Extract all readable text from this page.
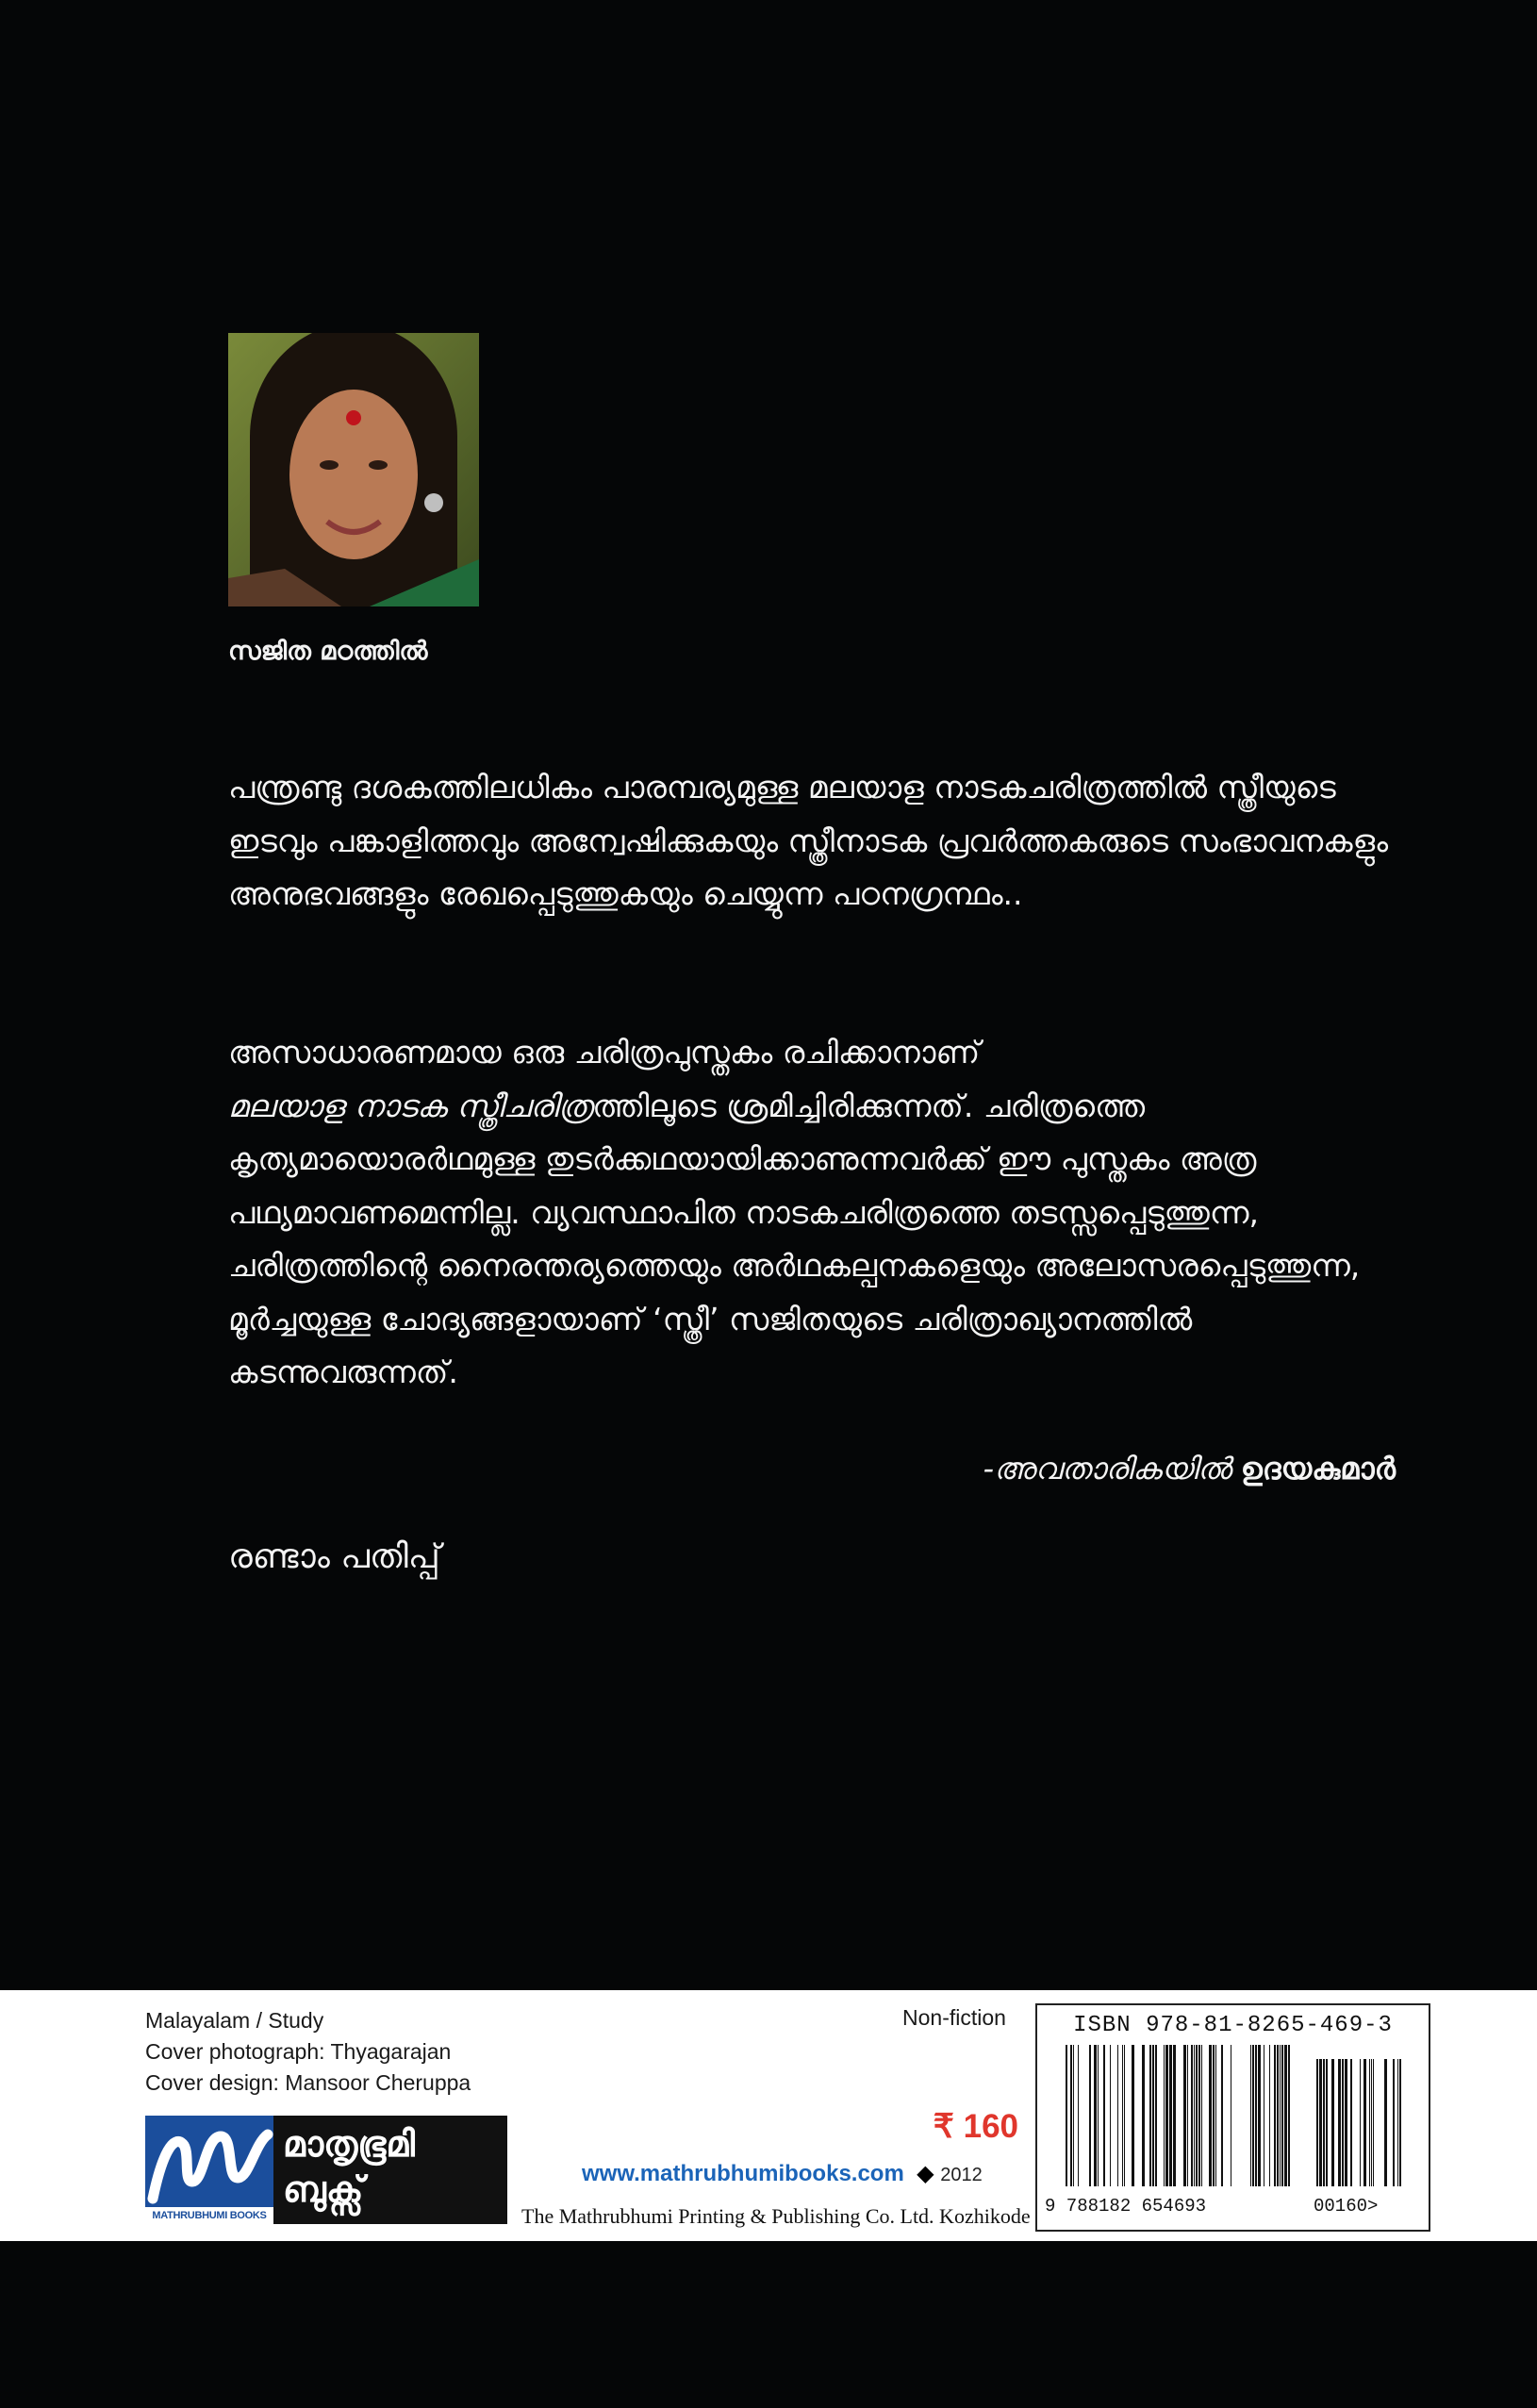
സജിത മഠത്തിൽ

പന്ത്രണ്ടു ദശകത്തിലധികം പാരമ്പര്യമുള്ള മലയാള നാടകചരിത്രത്തിൽ സ്ത്രീയുടെ ഇടവും പങ്കാളിത്തവും അന്വേഷിക്കുകയും സ്ത്രീനാടക പ്രവർത്തകരുടെ സംഭാവനകളും അനുഭവങ്ങളും രേഖപ്പെടുത്തുകയും ചെയ്യുന്ന പഠനഗ്രന്ഥം..

അസാധാരണമായ ഒരു ചരിത്രപുസ്തകം രചിക്കാനാണ്
മലയാള നാടക സ്ത്രീചരിത്രത്തിലൂടെ ശ്രമിച്ചിരിക്കുന്നത്. ചരിത്രത്തെ കൃത്യമായൊരർഥമുള്ള തുടർക്കഥയായിക്കാണുന്നവർക്ക് ഈ പുസ്തകം അത്ര പഥ്യമാവണമെന്നില്ല. വ്യവസ്ഥാപിത നാടകചരിത്രത്തെ തടസ്സപ്പെടുത്തുന്ന, ചരിത്രത്തിന്റെ നൈരന്തര്യത്തെയും അർഥകല്പനകളെയും അലോസരപ്പെടുത്തുന്ന, മൂർച്ചയുള്ള ചോദ്യങ്ങളായാണ് ‘സ്ത്രീ’ സജിതയുടെ ചരിത്രാഖ്യാനത്തിൽ കടന്നുവരുന്നത്.

-അവതാരികയിൽ ഉദയകുമാർ
രണ്ടാം പതിപ്പ്
Malayalam / Study
Cover photograph: Thyagarajan
Cover design: Mansoor Cheruppa
MATHRUBHUMI BOOKS
മാതൃഭൂമി
ബുക്സ്
Non-fiction
₹ 160
www.mathrubhumibooks.com ◆ 2012
The Mathrubhumi Printing & Publishing Co. Ltd. Kozhikode
ISBN 978-81-8265-469-3
9 788182 654693	00160>
